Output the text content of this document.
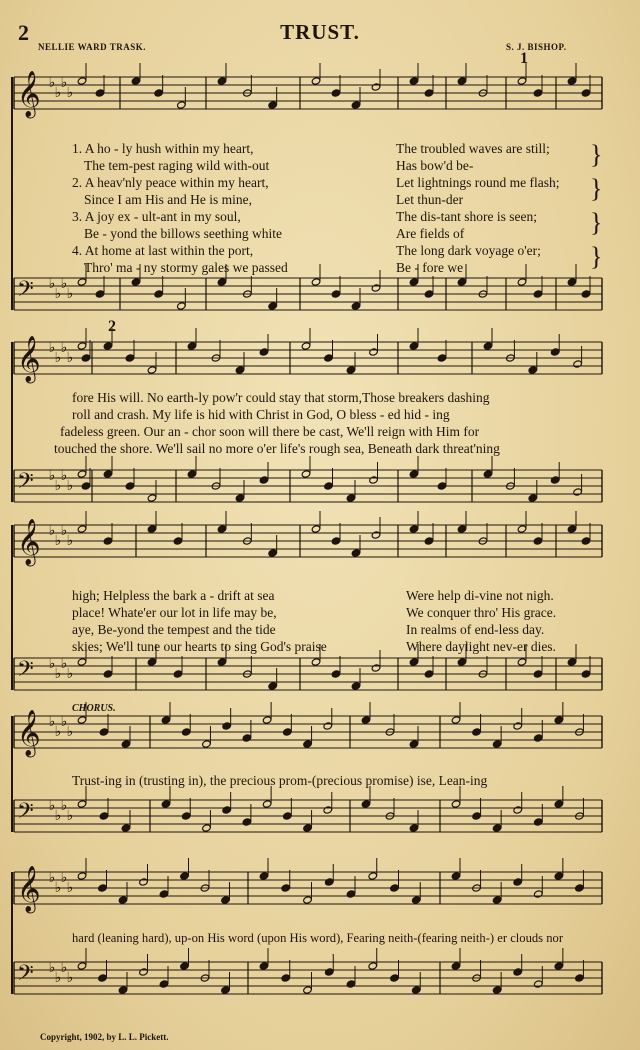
2	TRUST.
NELLIE WARD TRASK.	S. J. BISHOP.
1
2
𝄞 ♭
♭
♭
♭
𝄢 ♭
♭
♭
♭
𝄞 ♭
♭
♭
♭
𝄢 ♭
♭
♭
♭
𝄞 ♭
♭
♭
♭
𝄢 ♭
♭
♭
♭
𝄞 ♭
♭
♭
♭
𝄢 ♭
♭
♭
♭
𝄞 ♭
♭
♭
♭
𝄢 ♭
♭
♭
♭
1. A ho - ly hush within my heart,
The tem-pest raging wild with-out
2. A heav'nly peace within my heart,
Since I am His and He is mine,
3. A joy ex - ult-ant in my soul,
Be - yond the billows seething white
4. At home at last within the port,
Thro' ma - ny stormy gales we passed
The troubled waves are still;
Has bow'd be-
Let lightnings round me flash;
Let thun-der
The dis-tant shore is seen;
Are fields of
The long dark voyage o'er;
Be - fore we
}
}
}
}
fore His will. No earth-ly pow'r could stay that storm,Those breakers dashing
roll and crash. My life is hid with Christ in God, O bless - ed hid - ing
fadeless green. Our an - chor soon will there be cast, We'll reign with Him for
touched the shore. We'll sail no more o'er life's rough sea, Beneath dark threat'ning
high; Helpless the bark a - drift at sea
place! Whate'er our lot in life may be,
aye, Be-yond the tempest and the tide
skies; We'll tune our hearts to sing God's praise
Were help di-vine not nigh.
We conquer thro' His grace.
In realms of end-less day.
Where daylight nev-er dies.
CHORUS.
Trust-ing in (trusting in), the precious prom-(precious promise) ise, Lean-ing
hard (leaning hard), up-on His word (upon His word), Fearing neith-(fearing neith-) er clouds nor
Copyright, 1902, by L. L. Pickett.
